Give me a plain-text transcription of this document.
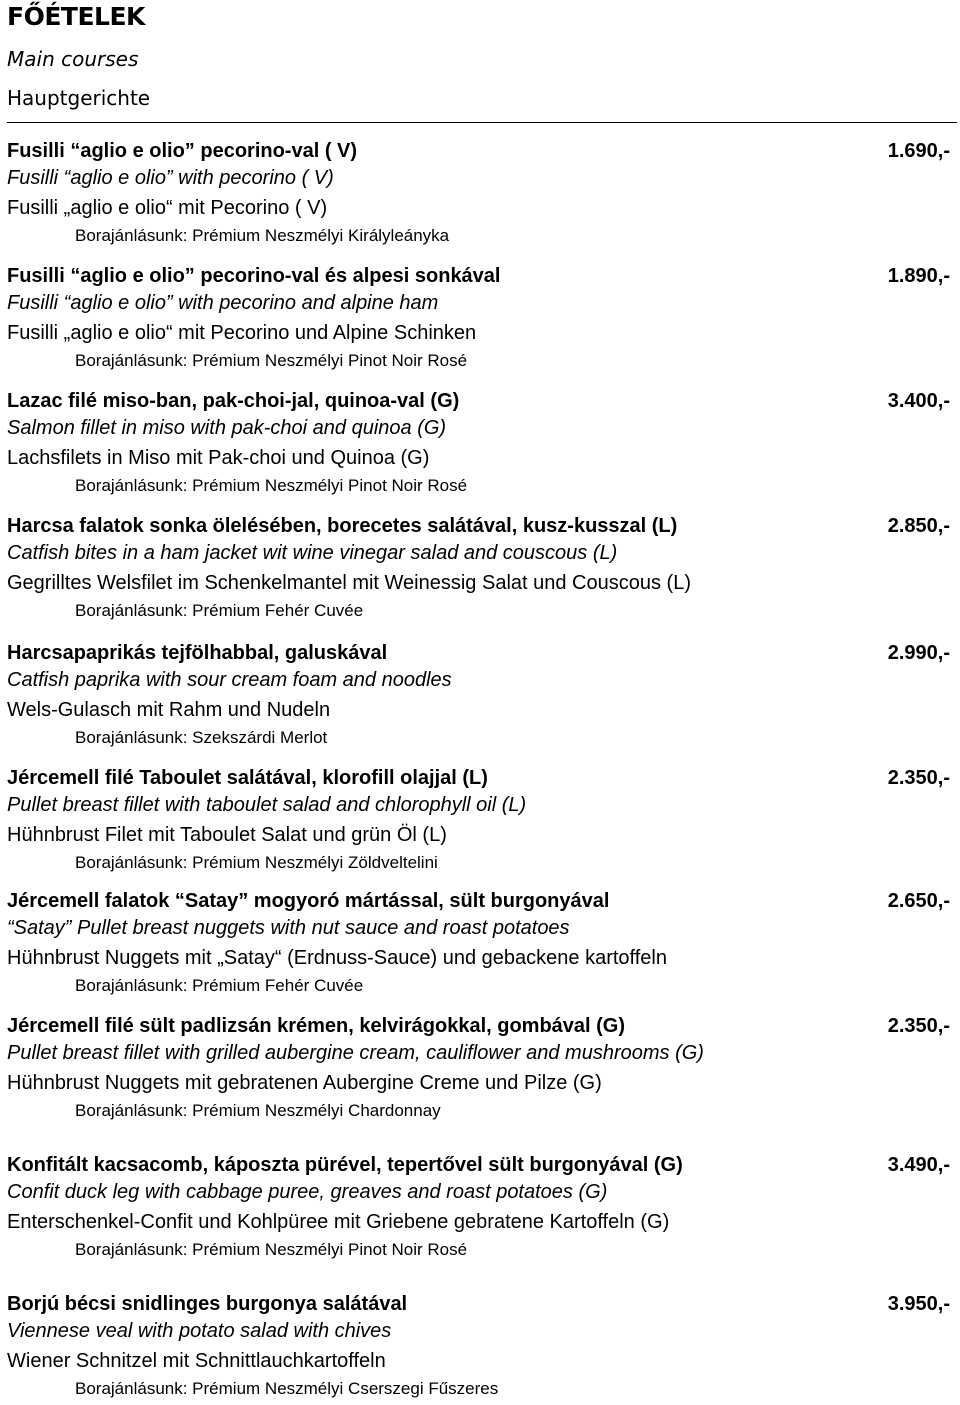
FŐÉTELEK
Main courses
Hauptgerichte
Fusilli “aglio e olio” pecorino-val ( V)	1.690,-
Fusilli “aglio e olio” with pecorino ( V)
Fusilli „aglio e olio“ mit Pecorino ( V)
Borajánlásunk: Prémium Neszmélyi Királyleányka
Fusilli “aglio e olio” pecorino-val és alpesi sonkával	1.890,-
Fusilli “aglio e olio” with pecorino and alpine ham
Fusilli „aglio e olio“ mit Pecorino und Alpine Schinken
Borajánlásunk: Prémium Neszmélyi Pinot Noir Rosé
Lazac filé miso-ban, pak-choi-jal, quinoa-val (G)	3.400,-
Salmon fillet in miso with pak-choi and quinoa (G)
Lachsfilets in Miso mit Pak-choi und Quinoa (G)
Borajánlásunk: Prémium Neszmélyi Pinot Noir Rosé
Harcsa falatok sonka ölelésében, borecetes salátával, kusz-kusszal (L)	2.850,-
Catfish bites in a ham jacket wit wine vinegar salad and couscous (L)
Gegrilltes Welsfilet im Schenkelmantel mit Weinessig Salat und Couscous (L)
Borajánlásunk: Prémium Fehér Cuvée
Harcsapaprikás tejfölhabbal, galuskával	2.990,-
Catfish paprika with sour cream foam and noodles
Wels-Gulasch mit Rahm und Nudeln
Borajánlásunk: Szekszárdi Merlot
Jércemell filé Taboulet salátával, klorofill olajjal (L)	2.350,-
Pullet breast fillet with taboulet salad and chlorophyll oil (L)
Hühnbrust Filet mit Taboulet Salat und grün Öl (L)
Borajánlásunk: Prémium Neszmélyi Zöldveltelini
Jércemell falatok “Satay” mogyoró mártással, sült burgonyával	2.650,-
“Satay” Pullet breast nuggets with nut sauce and roast potatoes
Hühnbrust Nuggets mit „Satay“ (Erdnuss-Sauce) und gebackene kartoffeln
Borajánlásunk: Prémium Fehér Cuvée
Jércemell filé sült padlizsán krémen, kelvirágokkal, gombával (G)	2.350,-
Pullet breast fillet with grilled aubergine cream, cauliflower and mushrooms (G)
Hühnbrust Nuggets mit gebratenen Aubergine Creme und Pilze (G)
Borajánlásunk: Prémium Neszmélyi Chardonnay
Konfitált kacsacomb, káposzta pürével, tepertővel sült burgonyával (G)	3.490,-
Confit duck leg with cabbage puree, greaves and roast potatoes (G)
Enterschenkel-Confit und Kohlpüree mit Griebene gebratene Kartoffeln (G)
Borajánlásunk: Prémium Neszmélyi Pinot Noir Rosé
Borjú bécsi snidlinges burgonya salátával	3.950,-
Viennese veal with potato salad with chives
Wiener Schnitzel mit Schnittlauchkartoffeln
Borajánlásunk: Prémium Neszmélyi Cserszegi Fűszeres
